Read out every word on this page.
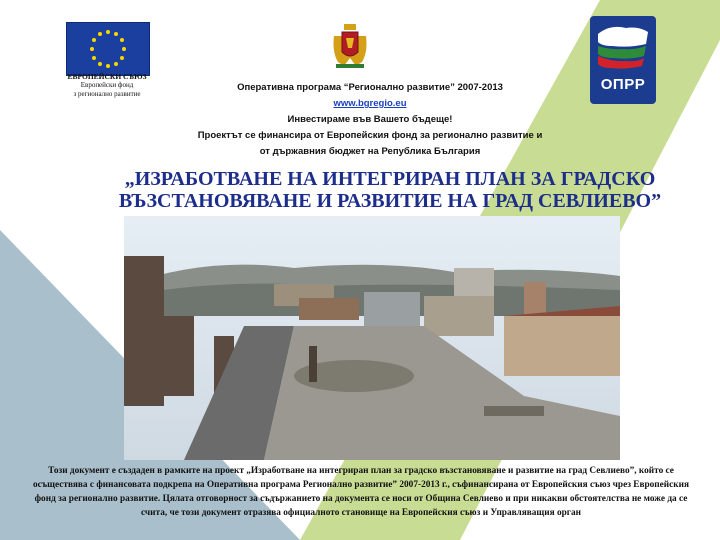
ЕВРОПЕЙСКИ СЪЮЗ
Европейски фонд
з регионално развитие
ОПРР
Оперативна програма “Регионално развитие” 2007-2013
www.bgregio.eu
Инвестираме във Вашето бъдеще!
Проектът се финансира от Европейския фонд за регионално развитие и
от държавния бюджет на Република България
„ИЗРАБОТВАНЕ НА ИНТЕГРИРАН ПЛАН ЗА ГРАДСКО
ВЪЗСТАНОВЯВАНЕ И РАЗВИТИЕ НА ГРАД СЕВЛИЕВО”
Този документ е създаден в рамките на проект „Изработване на интегриран план за градско възстановяване и развитие на град Севлиево”, който се осъществява с финансовата подкрепа на Оперативна програма Регионално развитие” 2007-2013 г., съфинансирана от Европейския съюз чрез Европейския фонд за регионално развитие. Цялата отговорност за съдържанието на документа се носи от Община Севлиево и при никакви обстоятелства не може да се счита, че този документ отразява официалното становище на Европейския съюз и Управляващия орган
